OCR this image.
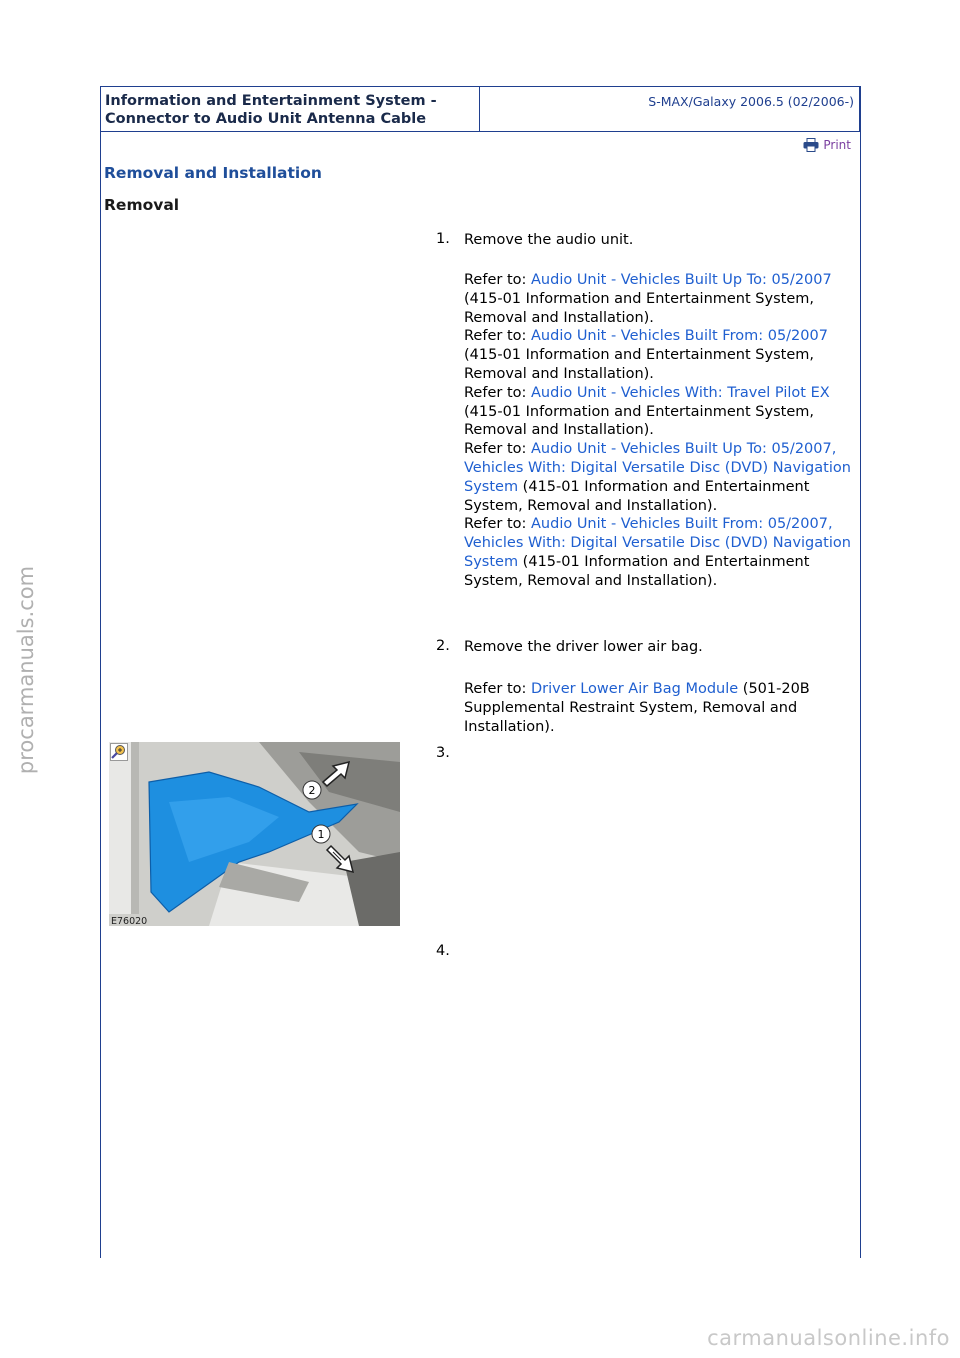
Information and Entertainment System -
Connector to Audio Unit Antenna Cable
S-MAX/Galaxy 2006.5 (02/2006-)
Print
Removal and Installation
Removal
1. Remove the audio unit.
Refer to: Audio Unit - Vehicles Built Up To: 05/2007 (415-01 Information and Entertainment System, Removal and Installation).
Refer to: Audio Unit - Vehicles Built From: 05/2007 (415-01 Information and Entertainment System, Removal and Installation).
Refer to: Audio Unit - Vehicles With: Travel Pilot EX (415-01 Information and Entertainment System, Removal and Installation).
Refer to: Audio Unit - Vehicles Built Up To: 05/2007, Vehicles With: Digital Versatile Disc (DVD) Navigation System (415-01 Information and Entertainment System, Removal and Installation).
Refer to: Audio Unit - Vehicles Built From: 05/2007, Vehicles With: Digital Versatile Disc (DVD) Navigation System (415-01 Information and Entertainment System, Removal and Installation).
2. Remove the driver lower air bag.
Refer to: Driver Lower Air Bag Module (501-20B Supplemental Restraint System, Removal and Installation).
3.
2
1
E76020
4.
procarmanuals.com
carmanualsonline.info
